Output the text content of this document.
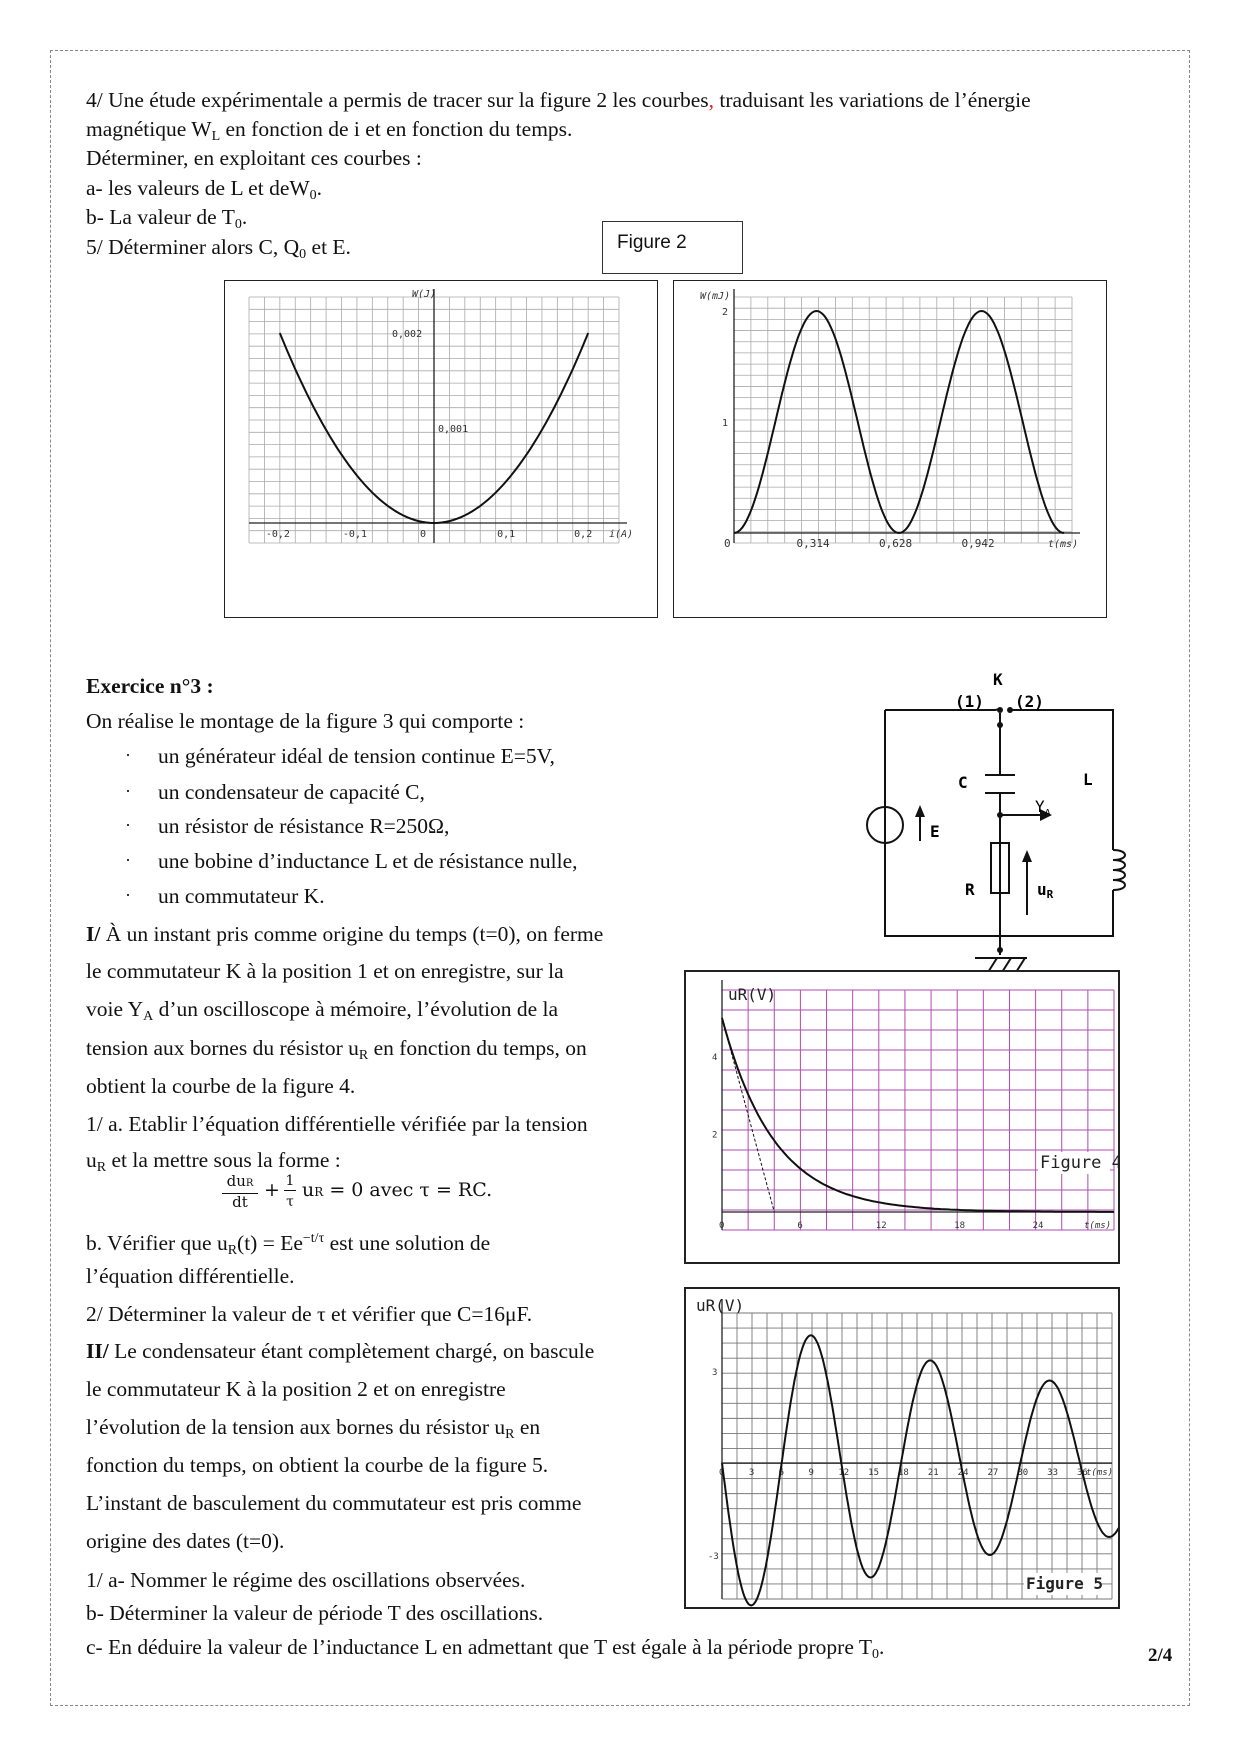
4/ Une étude expérimentale a permis de tracer sur la figure 2 les courbes, traduisant les variations de l’énergie
magnétique $W_L$ en fonction de i et en fonction du temps.
Déterminer, en exploitant ces courbes :
a- les valeurs de L et deW$_0$.
b- La valeur de $T_0$.
5/ Déterminer alors C, $Q_0$ et E.	Figure 2
-0,2	-0,1	0	0,1	0,2
0,001
0,002
W(J)
i(A)
0	0,314	0,628	0,942
1
2
W(mJ)
t(ms)
Exercice n°3 :
On réalise le montage de la figure 3 qui comporte :
· un générateur idéal de tension continue E=5V,
· un condensateur de capacité C,
· un résistor de résistance R=250Ω,
· une bobine d’inductance L et de résistance nulle,
· un commutateur K.
I/ À un instant pris comme origine du temps (t=0), on ferme
le commutateur K à la position 1 et on enregistre, sur la
voie $Y_A$ d’un oscilloscope à mémoire, l’évolution de la
tension aux bornes du résistor $u_R$ en fonction du temps, on
obtient la courbe de la figure 4.
1/ a. Etablir l’équation différentielle vérifiée par la tension
$u_R$ et la mettre sous la forme :
duR
dt
+ 1
τ
uR = 0 avec τ = RC.
b. Vérifier que $u_R(t) = Ee^{-t/\tau}$ est une solution de
l’équation différentielle.
2/ Déterminer la valeur de τ et vérifier que C=16μF.
II/ Le condensateur étant complètement chargé, on bascule
le commutateur K à la position 2 et on enregistre
l’évolution de la tension aux bornes du résistor $u_R$ en
fonction du temps, on obtient la courbe de la figure 5.
L’instant de basculement du commutateur est pris comme
origine des dates (t=0).
1/ a- Nommer le régime des oscillations observées.
b- Déterminer la valeur de période T des oscillations.
c- En déduire la valeur de l’inductance L en admettant que T est égale à la période propre $T_0$.	2/4
K
(1) (2)
C	L
E
R	uR
$Y_A$
0	6	12	18	24
2
4
uR(V)
t(ms)
Figure 4
0	3	6	9	12 15 18 21 24 27 30 33 36
3
-3
uR(V)
t(ms)
Figure 5
